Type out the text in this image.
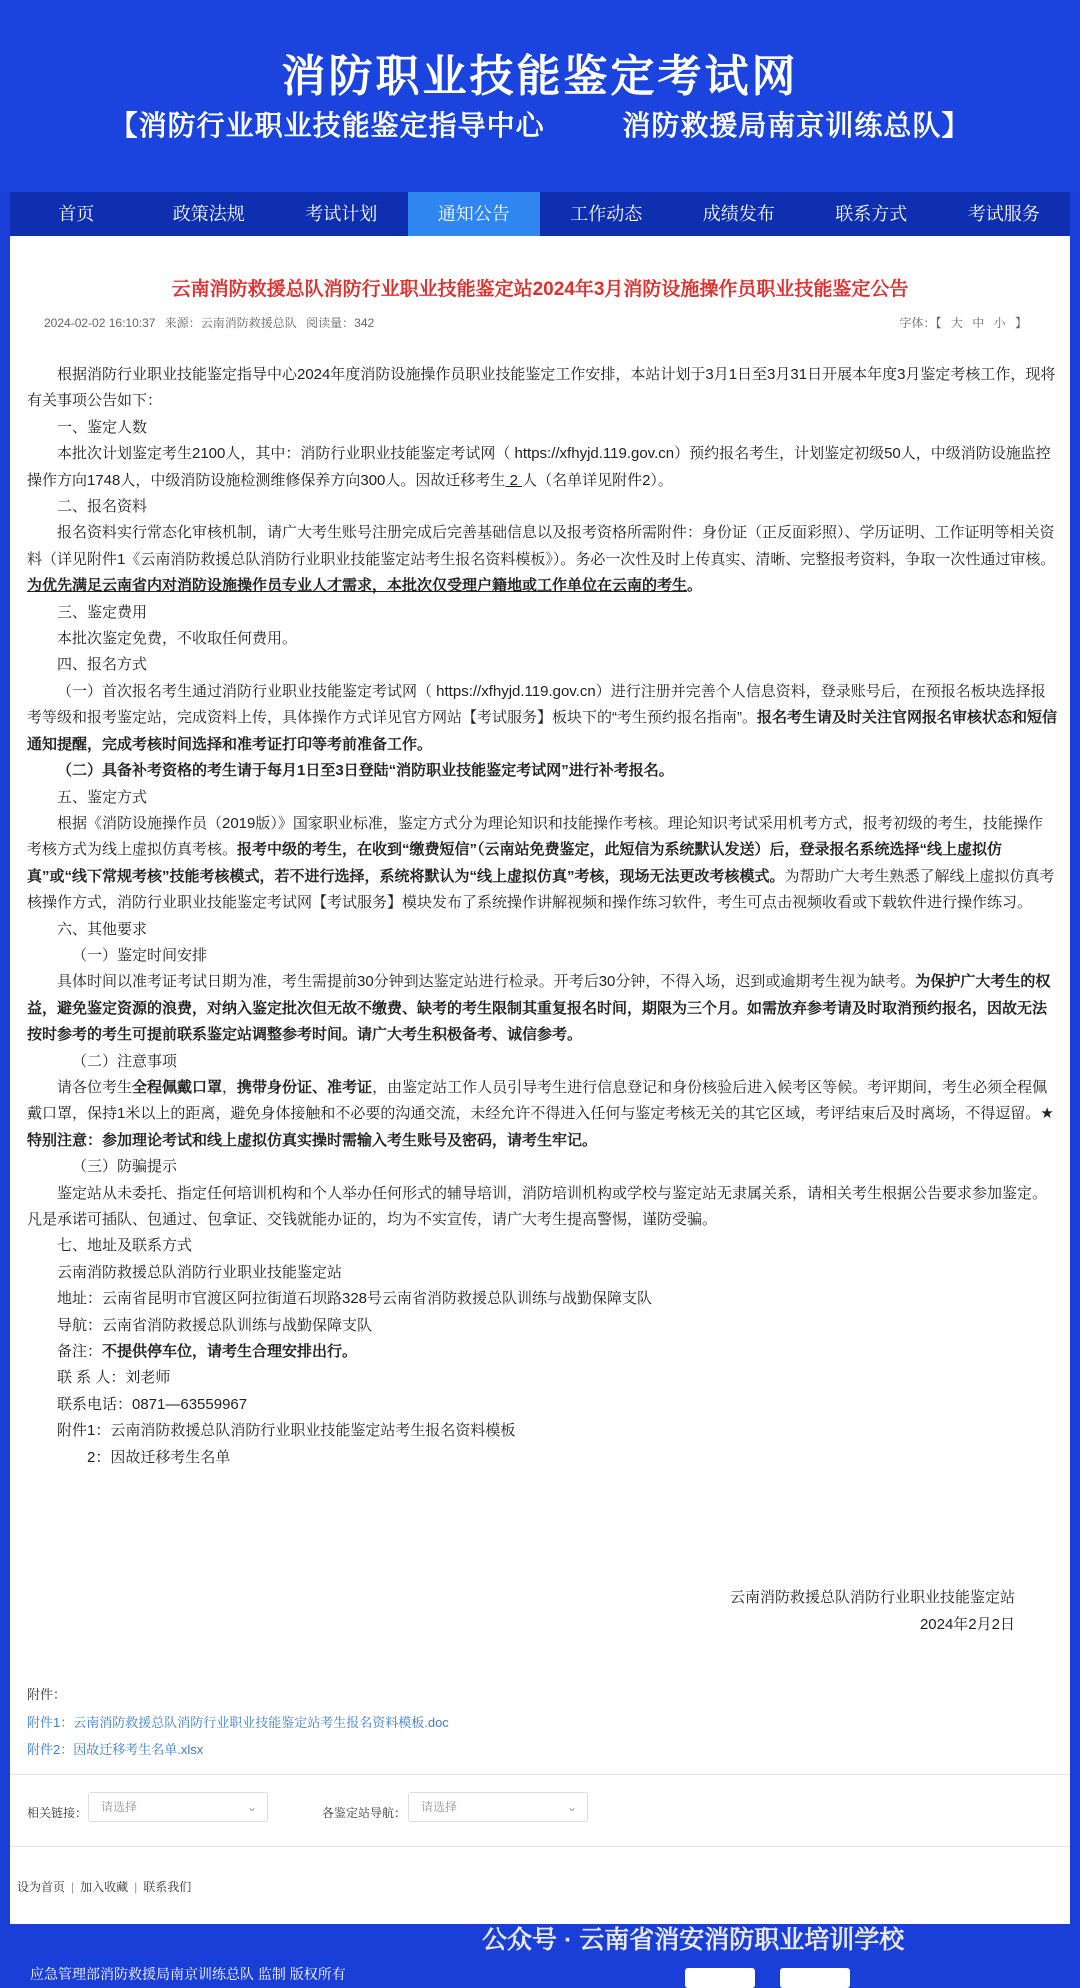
消防职业技能鉴定考试网
【消防行业职业技能鉴定指导中心　 消防救援局南京训练总队】
首页	政策法规	考试计划	通知公告	工作动态	成绩发布	联系方式	考试服务
云南消防救援总队消防行业职业技能鉴定站2024年3月消防设施操作员职业技能鉴定公告
2024-02-02 16:10:37 来源：云南消防救援总队 阅读量：342	字体：【 大 中 小 】

根据消防行业职业技能鉴定指导中心2024年度消防设施操作员职业技能鉴定工作安排，本站计划于3月1日至3月31日开展本年度3月鉴定考核工作，现将有关事项公告如下：

一、鉴定人数

本批次计划鉴定考生2100人，其中：消防行业职业技能鉴定考试网（ https://xfhyjd.119.gov.cn）预约报名考生，计划鉴定初级50人，中级消防设施监控操作方向1748人，中级消防设施检测维修保养方向300人。因故迁移考生 2 人（名单详见附件2）。

二、报名资料

报名资料实行常态化审核机制，请广大考生账号注册完成后完善基础信息以及报考资格所需附件：身份证（正反面彩照）、学历证明、工作证明等相关资料（详见附件1《云南消防救援总队消防行业职业技能鉴定站考生报名资料模板》）。务必一次性及时上传真实、清晰、完整报考资料，争取一次性通过审核。为优先满足云南省内对消防设施操作员专业人才需求，本批次仅受理户籍地或工作单位在云南的考生。

三、鉴定费用

本批次鉴定免费，不收取任何费用。

四、报名方式

（一）首次报名考生通过消防行业职业技能鉴定考试网（ https://xfhyjd.119.gov.cn）进行注册并完善个人信息资料，登录账号后，在预报名板块选择报考等级和报考鉴定站，完成资料上传，具体操作方式详见官方网站【考试服务】板块下的“考生预约报名指南”。报名考生请及时关注官网报名审核状态和短信通知提醒，完成考核时间选择和准考证打印等考前准备工作。

（二）具备补考资格的考生请于每月1日至3日登陆“消防职业技能鉴定考试网”进行补考报名。

五、鉴定方式

根据《消防设施操作员（2019版）》国家职业标准，鉴定方式分为理论知识和技能操作考核。理论知识考试采用机考方式，报考初级的考生，技能操作考核方式为线上虚拟仿真考核。报考中级的考生，在收到“缴费短信”（云南站免费鉴定，此短信为系统默认发送）后，登录报名系统选择“线上虚拟仿真”或“线下常规考核”技能考核模式，若不进行选择，系统将默认为“线上虚拟仿真”考核，现场无法更改考核模式。为帮助广大考生熟悉了解线上虚拟仿真考核操作方式，消防行业职业技能鉴定考试网【考试服务】模块发布了系统操作讲解视频和操作练习软件，考生可点击视频收看或下载软件进行操作练习。

六、其他要求

（一）鉴定时间安排

具体时间以准考证考试日期为准，考生需提前30分钟到达鉴定站进行检录。开考后30分钟，不得入场，迟到或逾期考生视为缺考。为保护广大考生的权益，避免鉴定资源的浪费，对纳入鉴定批次但无故不缴费、缺考的考生限制其重复报名时间，期限为三个月。如需放弃参考请及时取消预约报名，因故无法按时参考的考生可提前联系鉴定站调整参考时间。请广大考生积极备考、诚信参考。

（二）注意事项

请各位考生全程佩戴口罩，携带身份证、准考证，由鉴定站工作人员引导考生进行信息登记和身份核验后进入候考区等候。考评期间，考生必须全程佩戴口罩，保持1米以上的距离，避免身体接触和不必要的沟通交流，未经允许不得进入任何与鉴定考核无关的其它区域，考评结束后及时离场，不得逗留。★特别注意：参加理论考试和线上虚拟仿真实操时需输入考生账号及密码，请考生牢记。

（三）防骗提示

鉴定站从未委托、指定任何培训机构和个人举办任何形式的辅导培训，消防培训机构或学校与鉴定站无隶属关系，请相关考生根据公告要求参加鉴定。凡是承诺可插队、包通过、包拿证、交钱就能办证的，均为不实宣传，请广大考生提高警惕，谨防受骗。

七、地址及联系方式

云南消防救援总队消防行业职业技能鉴定站

地址：云南省昆明市官渡区阿拉街道石坝路328号云南省消防救援总队训练与战勤保障支队

导航：云南省消防救援总队训练与战勤保障支队

备注：不提供停车位，请考生合理安排出行。

联 系 人：刘老师

联系电话：0871—63559967

附件1：云南消防救援总队消防行业职业技能鉴定站考生报名资料模板

2：因故迁移考生名单

云南消防救援总队消防行业职业技能鉴定站
2024年2月2日
附件：
附件1：云南消防救援总队消防行业职业技能鉴定站考生报名资料模板.doc
附件2：因故迁移考生名单.xlsx
相关链接：	请选择	⌄	各鉴定站导航：	请选择	⌄
设为首页 | 加入收藏 | 联系我们
公众号 · 云南省消安消防职业培训学校
应急管理部消防救援局南京训练总队 监制 版权所有
